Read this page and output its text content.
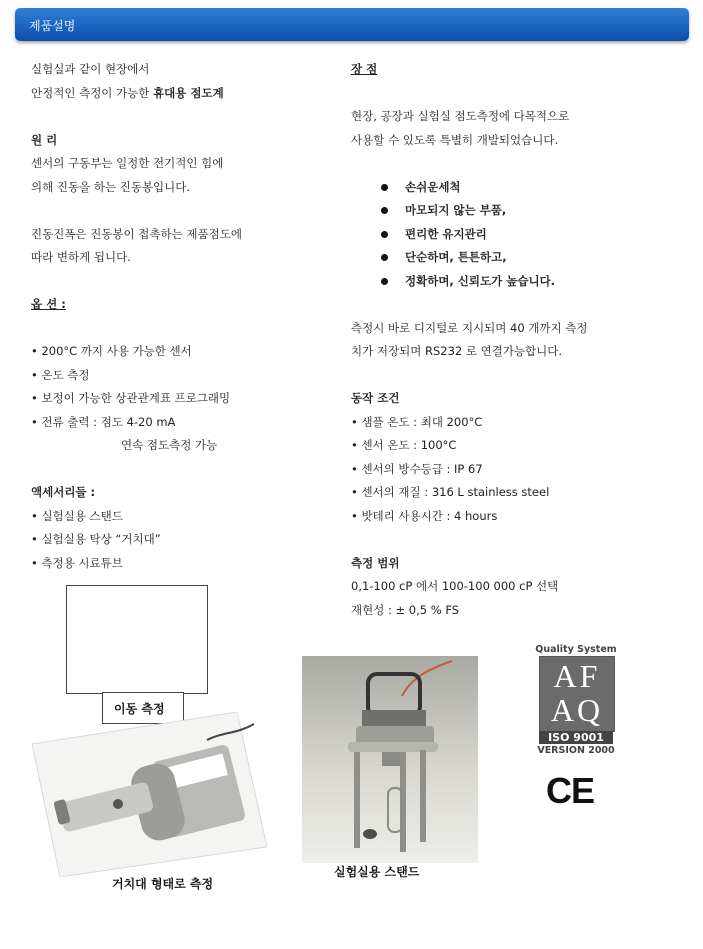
제품설명

실험실과 같이 현장에서

안정적인 측정이 가능한 휴대용 점도계

원 리

센서의 구동부는 일정한 전기적인 힘에

의해 진동을 하는 진동봉입니다.

진동진폭은 진동봉이 접촉하는 제품점도에

따라 변하게 됩니다.

옵 션 :

• 200°C 까지 사용 가능한 센서

• 온도 측정

• 보정이 가능한 상관관계표 프로그래밍

• 전류 출력 : 점도 4-20 mA

연속 점도측정 가능

액세서리들 :

• 실험실용 스탠드

• 실험실용 탁상 “거치대”

• 측정용 시료튜브

장 점

현장, 공장과 실험실 점도측정에 다목적으로

사용할 수 있도록 특별히 개발되었습니다.

손쉬운세척

마모되지 않는 부품,

편리한 유지관리

단순하며, 튼튼하고,

정확하며, 신뢰도가 높습니다.

측정시 바로 디지털로 지시되며 40 개까지 측정

치가 저장되며 RS232 로 연결가능합니다.

동작 조건

• 샘플 온도 : 최대 200°C

• 센서 온도 : 100°C

• 센서의 방수등급 : IP 67

• 센서의 재질 : 316 L stainless steel

• 밧테리 사용시간 : 4 hours

측정 범위

0,1-100 cP 에서 100-100 000 cP 선택

재현성 : ± 0,5 % FS

이동 측정
거치대 형태로 측정
실험실용 스탠드
Quality System
AF
AQ
ISO 9001
VERSION 2000
CE
